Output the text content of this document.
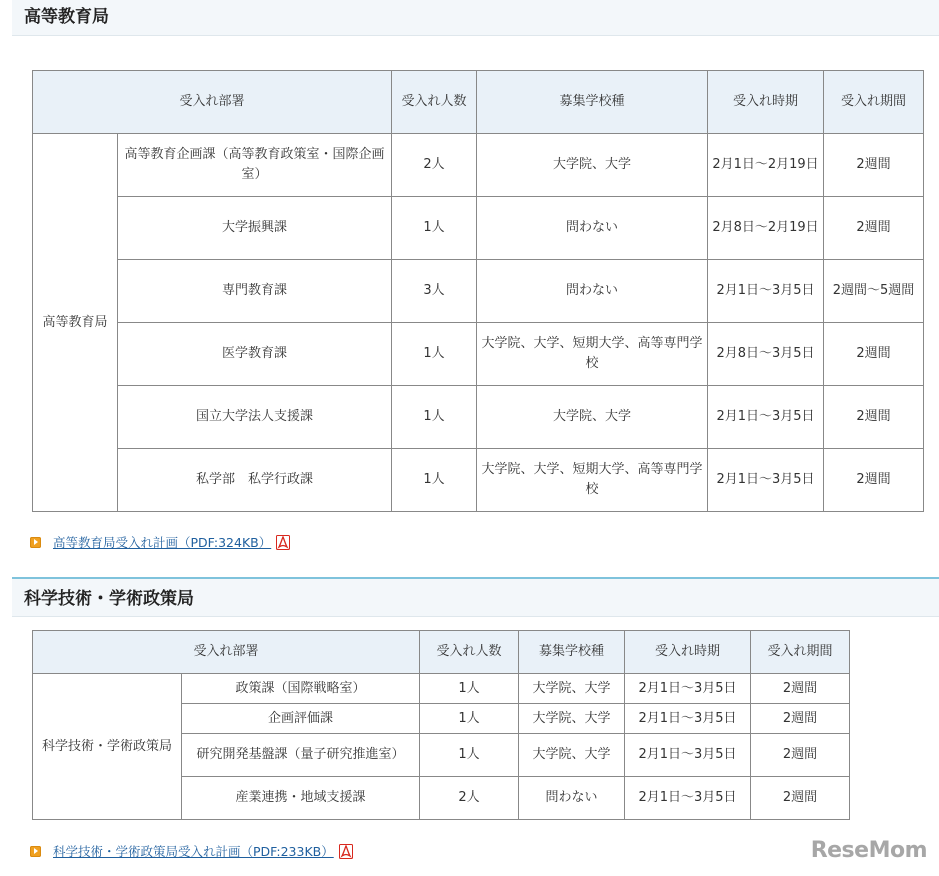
高等教育局
受入れ部署		受入れ人数	募集学校種	受入れ時期	受入れ期間
高等教育局	高等教育企画課（高等教育政策室・国際企画室）	2人	大学院、大学	2月1日〜2月19日	2週間
	大学振興課	1人	問わない	2月8日〜2月19日	2週間
	専門教育課	3人	問わない	2月1日〜3月5日	2週間〜5週間
	医学教育課	1人	大学院、大学、短期大学、高等専門学校	2月8日〜3月5日	2週間
	国立大学法人支援課	1人	大学院、大学	2月1日〜3月5日	2週間
	私学部　私学行政課	1人	大学院、大学、短期大学、高等専門学校	2月1日〜3月5日	2週間
高等教育局受入れ計画（PDF:324KB）
科学技術・学術政策局
受入れ部署		受入れ人数	募集学校種	受入れ時期	受入れ期間
科学技術・学術政策局	政策課（国際戦略室）	1人	大学院、大学	2月1日〜3月5日	2週間
	企画評価課	1人	大学院、大学	2月1日〜3月5日	2週間
	研究開発基盤課（量子研究推進室）	1人	大学院、大学	2月1日〜3月5日	2週間
	産業連携・地域支援課	2人	問わない	2月1日〜3月5日	2週間
科学技術・学術政策局受入れ計画（PDF:233KB）	ReseMom
